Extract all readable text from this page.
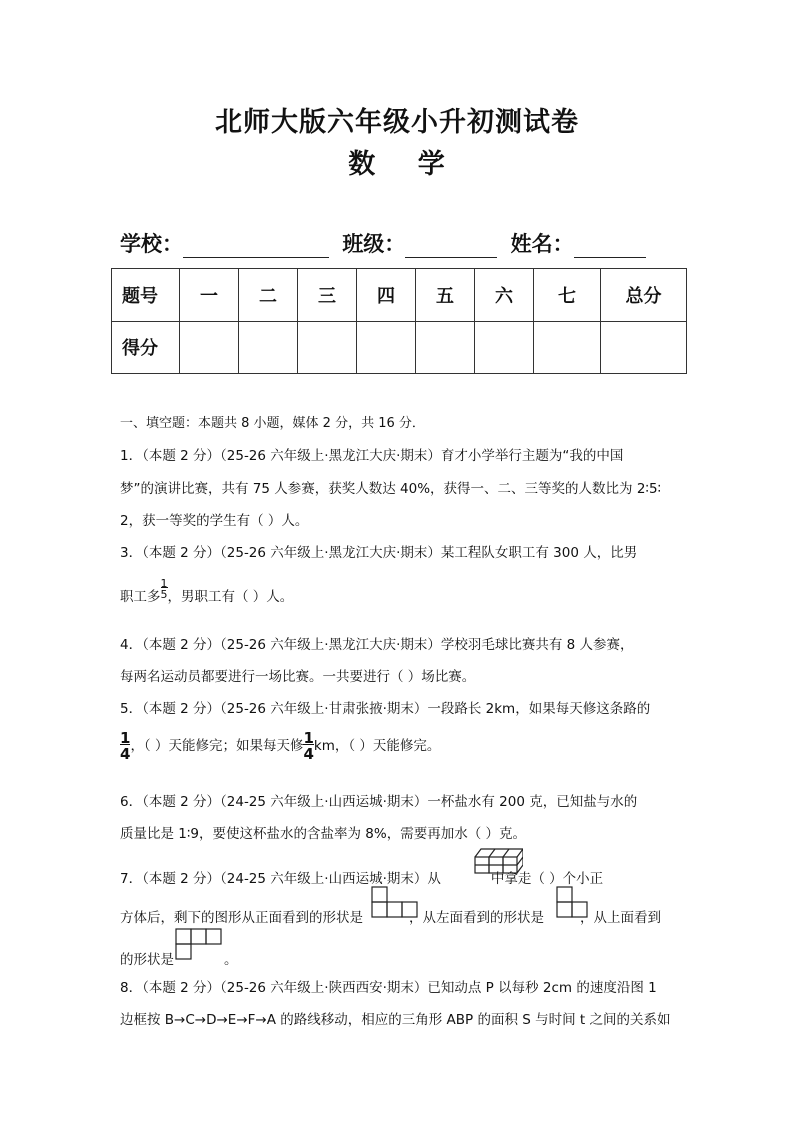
北师大版六年级小升初测试卷
数    学
学校：	班级：	姓名：
题号	一	二	三	四	五	六	七	总分
得分								
一、填空题：本题共 8 小题，媒体 2 分，共 16 分．
1．（本题 2 分）（25-26 六年级上·黑龙江大庆·期末）育才小学举行主题为“我的中国
梦”的演讲比赛，共有 75 人参赛，获奖人数达 40%，获得一、二、三等奖的人数比为 2∶5∶
2，获一等奖的学生有（ ）人。
3．（本题 2 分）（25-26 六年级上·黑龙江大庆·期末）某工程队女职工有 300 人，比男
职工多$\frac{1}{5}$，男职工有（ ）人。
4．（本题 2 分）（25-26 六年级上·黑龙江大庆·期末）学校羽毛球比赛共有 8 人参赛，
每两名运动员都要进行一场比赛。一共要进行（ ）场比赛。
5．（本题 2 分）（25-26 六年级上·甘肃张掖·期末）一段路长 2km，如果每天修这条路的
$\frac{1}{4}$，（ ）天能修完；如果每天修$\frac{1}{4}km$，（ ）天能修完。
6．（本题 2 分）（24-25 六年级上·山西运城·期末）一杯盐水有 200 克，已知盐与水的
质量比是 1∶9，要使这杯盐水的含盐率为 8%，需要再加水（ ）克。
7．（本题 2 分）（24-25 六年级上·山西运城·期末）从	中拿走（ ）个小正
方体后，剩下的图形从正面看到的形状是	，从左面看到的形状是	，从上面看到
的形状是	。
8．（本题 2 分）（25-26 六年级上·陕西西安·期末）已知动点 P 以每秒 2cm 的速度沿图 1
边框按 B→C→D→E→F→A 的路线移动，相应的三角形 ABP 的面积 S 与时间 t 之间的关系如
